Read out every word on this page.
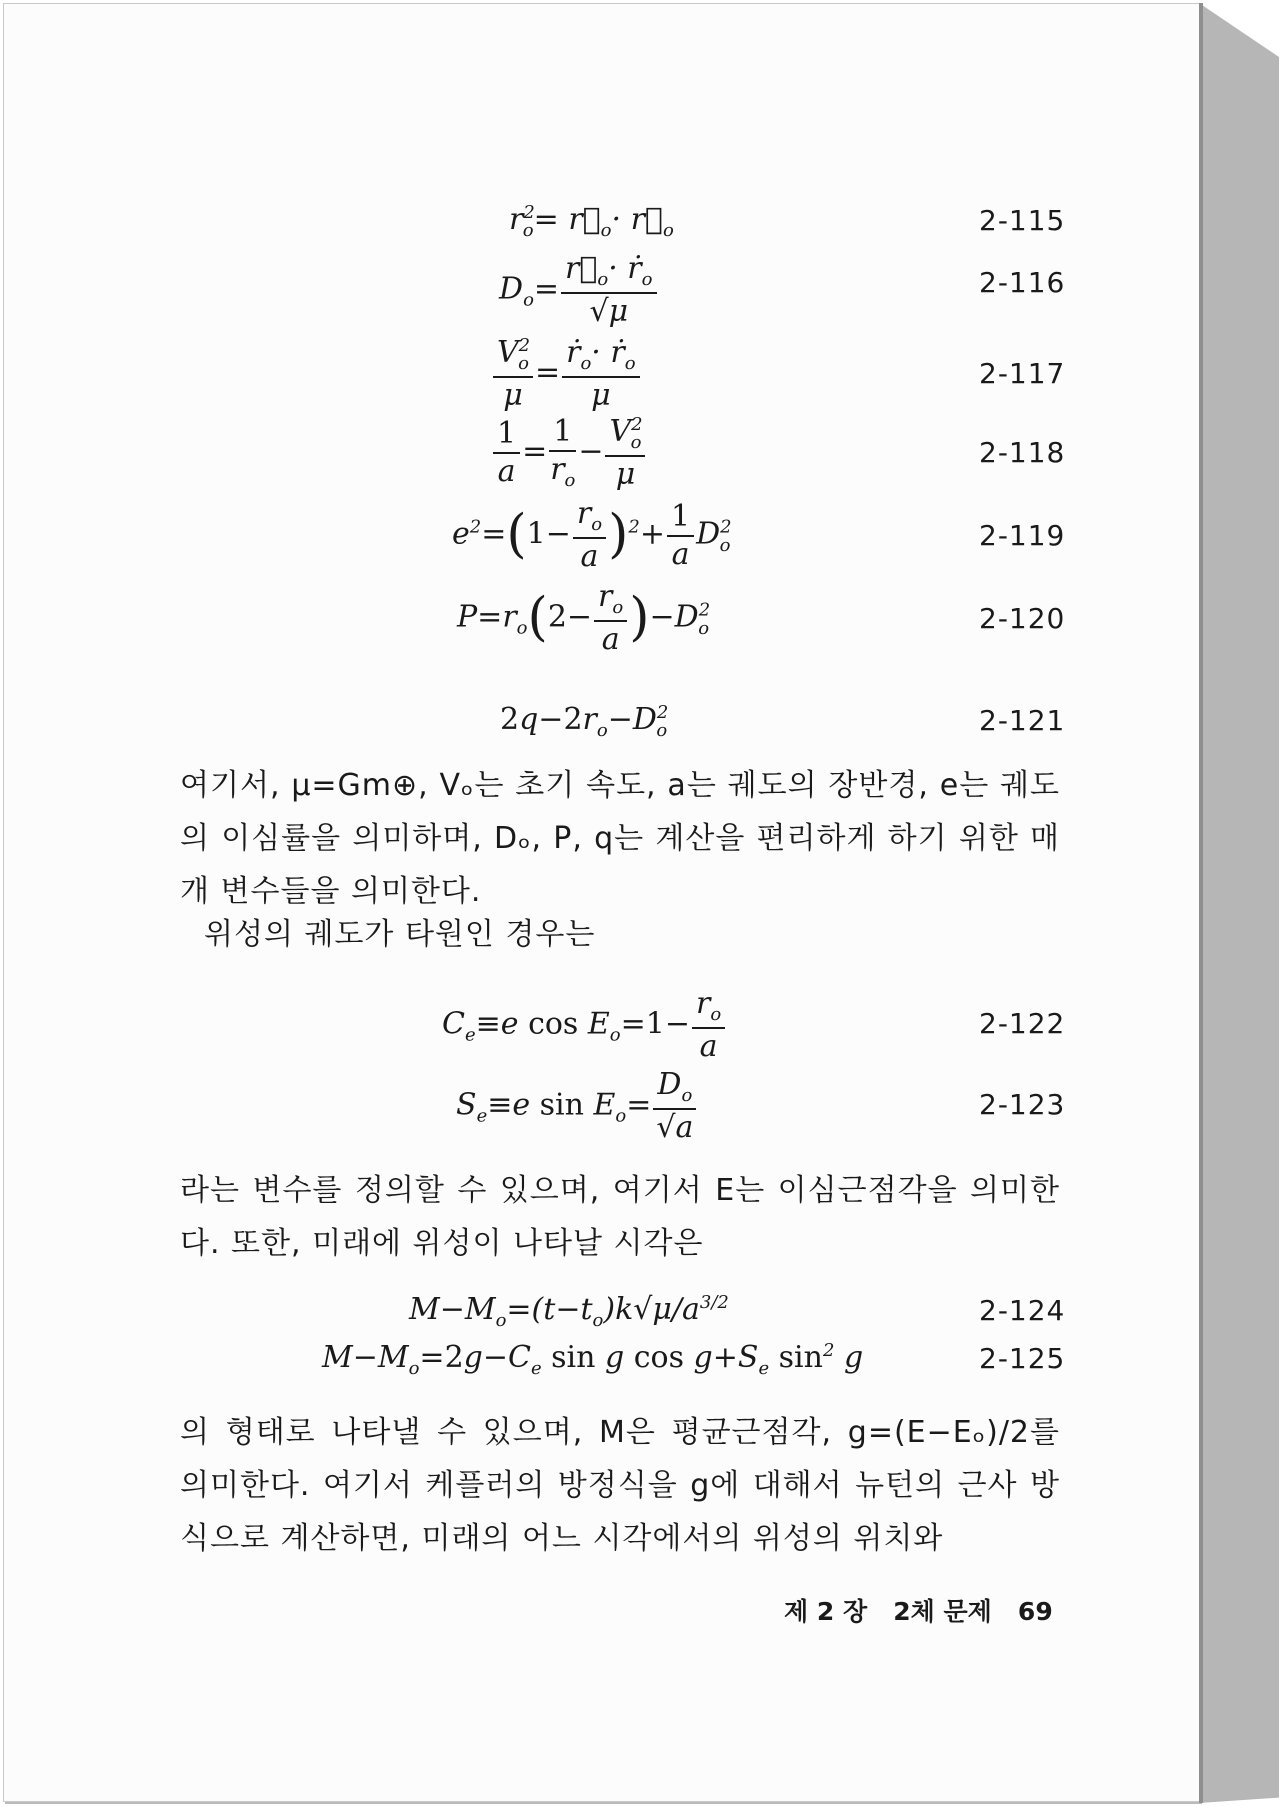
$r^2_o=$ $r⃗_o\cdot$ $r⃗_o$	2-115
$D_o= \frac{r⃗_o\cdot ṙ_o}{√\mu}$	2-116
$\frac{V^2_o}{\mu} = \frac{ṙ_o\cdot ṙ_o}{\mu}$	2-117
$\frac{1}{a} = \frac{1}{r_o} - \frac{V^2_o}{\mu}$	2-118
$e^2=(1- \frac{r_o}{a} )^2+ \frac{1}{a} D^2_o$	2-119
$P=r_o(2- \frac{r_o}{a} )-D^2_o$	2-120
$2q-2r_o-D^2_o$	2-121
여기서, μ=Gm⊕, Vₒ는 초기 속도, a는 궤도의 장반경, e는 궤도의 이심률을 의미하며, Dₒ, P, q는 계산을 편리하게 하기 위한 매개 변수들을 의미한다.
위성의 궤도가 타원인 경우는
$C_e\equiv e$ $\cos E_o=1- \frac{r_o}{a}$	2-122
$S_e\equiv e$ $\sin E_o= \frac{D_o}{√a}$	2-123
라는 변수를 정의할 수 있으며, 여기서 E는 이심근점각을 의미한다. 또한, 미래에 위성이 나타날 시각은
$M-M_o=(t-t_o)k√\mu/a^{3/2}$	2-124
$M-M_o=2g-C_e$ sin g $\cos g+S_e$ $\sin^2 g$	2-125
의 형태로 나타낼 수 있으며, M은 평균근점각, g=(E−Eₒ)/2를 의미한다. 여기서 케플러의 방정식을 g에 대해서 뉴턴의 근사 방식으로 계산하면, 미래의 어느 시각에서의 위성의 위치와
제 2 장 2체 문제 69
